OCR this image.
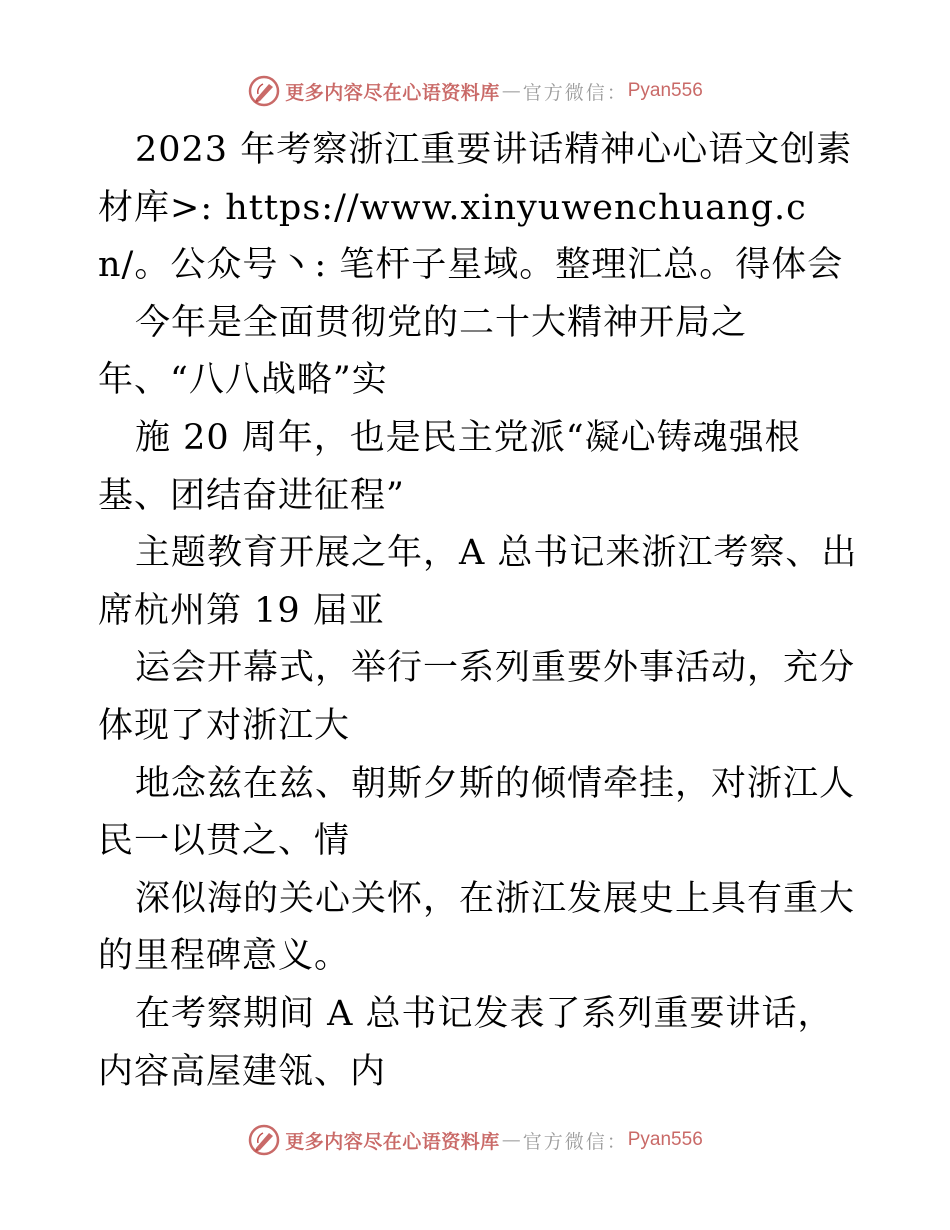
更多内容尽在心语资料库 — 官方微信： Pyan556

2023 年考察浙江重要讲话精神心心语文创素材库>: https://www.xinyuwenchuang.cn/。公众号丶: 笔杆子星域。整理汇总。得体会

今年是全面贯彻党的二十大精神开局之年、“八八战略”实

施 20 周年，也是民主党派“凝心铸魂强根基、团结奋进征程”

主题教育开展之年，A 总书记来浙江考察、出席杭州第 19 届亚

运会开幕式，举行一系列重要外事活动，充分体现了对浙江大

地念兹在兹、朝斯夕斯的倾情牵挂，对浙江人民一以贯之、情

深似海的关心关怀，在浙江发展史上具有重大的里程碑意义。

在考察期间 A 总书记发表了系列重要讲话，内容高屋建瓴、内

更多内容尽在心语资料库 — 官方微信： Pyan556
